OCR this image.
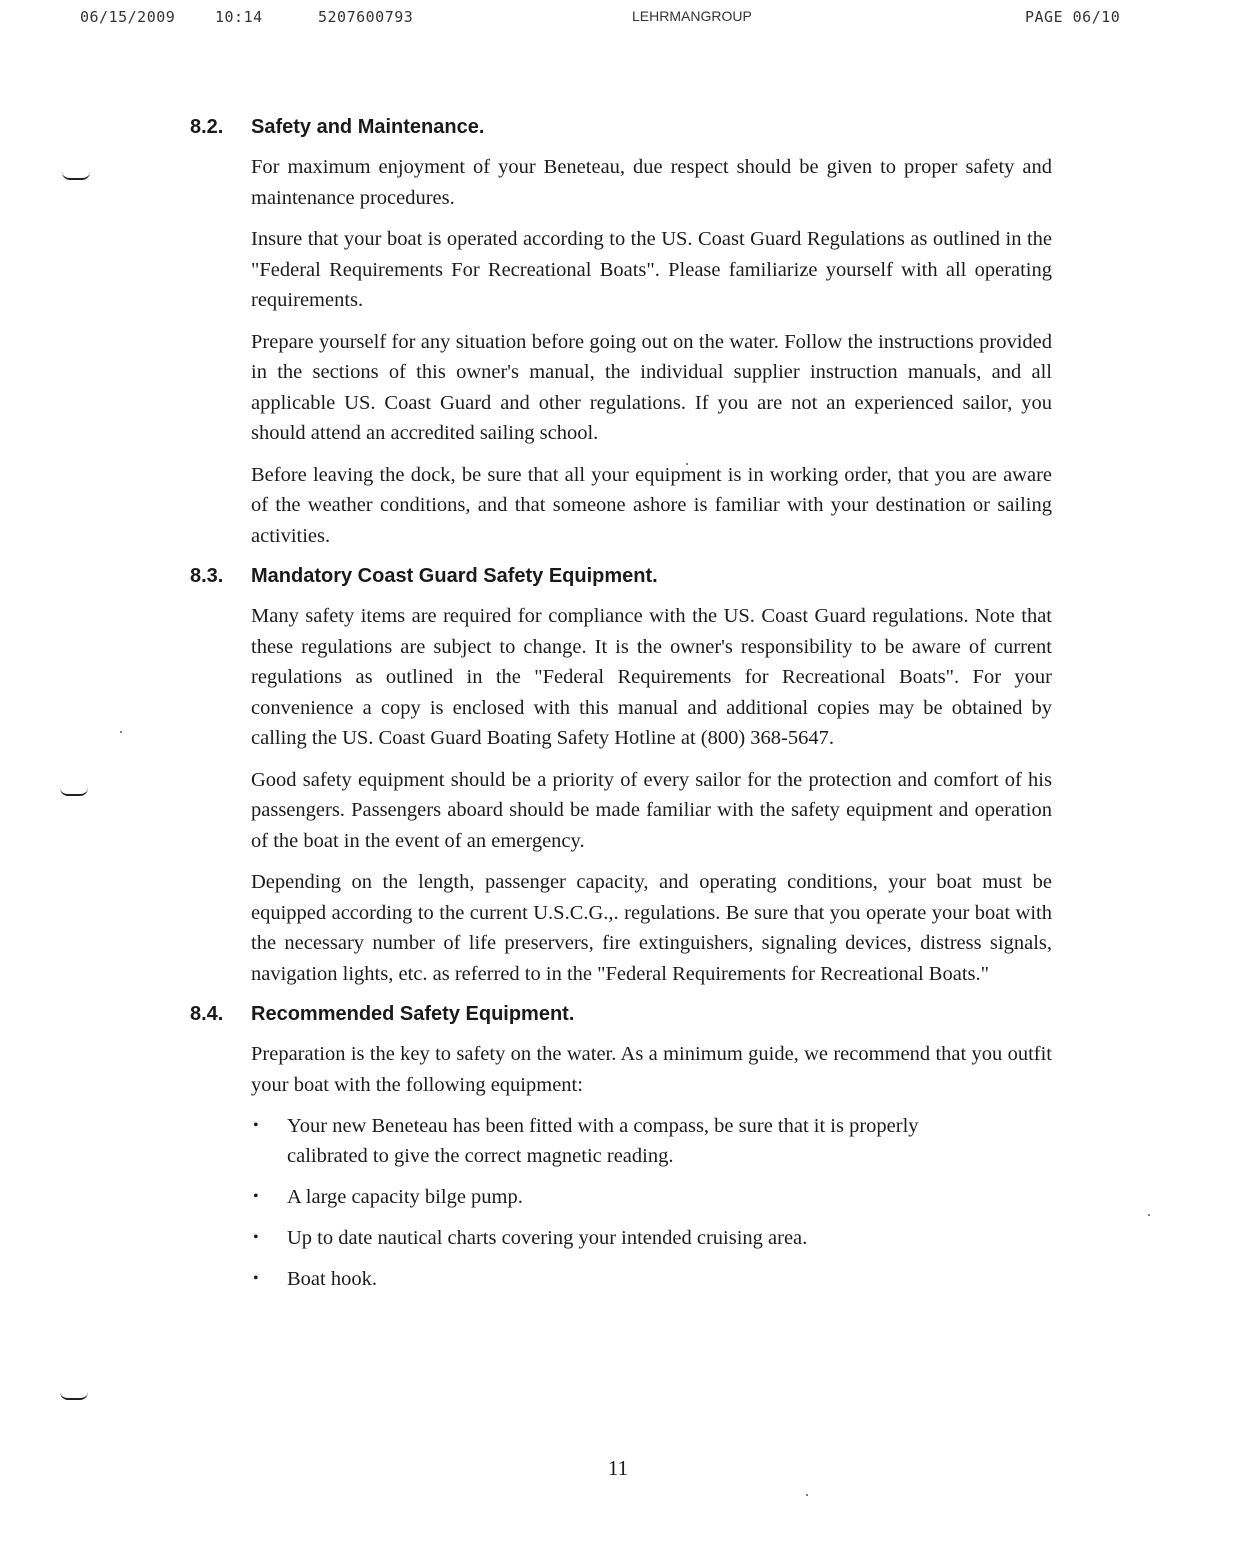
06/15/2009	10:14	5207600793	LEHRMANGROUP	PAGE 06/10
8.2.	Safety and Maintenance.

For maximum enjoyment of your Beneteau, due respect should be given to proper safety and maintenance procedures.

Insure that your boat is operated according to the US. Coast Guard Regulations as outlined in the "Federal Requirements For Recreational Boats". Please familiarize yourself with all operating requirements.

Prepare yourself for any situation before going out on the water. Follow the instructions provided in the sections of this owner's manual, the individual supplier instruction manuals, and all applicable US. Coast Guard and other regulations. If you are not an experienced sailor, you should attend an accredited sailing school.

Before leaving the dock, be sure that all your equipment is in working order, that you are aware of the weather conditions, and that someone ashore is familiar with your destination or sailing activities.

8.3.	Mandatory Coast Guard Safety Equipment.

Many safety items are required for compliance with the US. Coast Guard regulations. Note that these regulations are subject to change. It is the owner's responsibility to be aware of current regulations as outlined in the "Federal Requirements for Recreational Boats". For your convenience a copy is enclosed with this manual and additional copies may be obtained by calling the US. Coast Guard Boating Safety Hotline at (800) 368-5647.

Good safety equipment should be a priority of every sailor for the protection and comfort of his passengers. Passengers aboard should be made familiar with the safety equipment and operation of the boat in the event of an emergency.

Depending on the length, passenger capacity, and operating conditions, your boat must be equipped according to the current U.S.C.G.,. regulations. Be sure that you operate your boat with the necessary number of life preservers, fire extinguishers, signaling devices, distress signals, navigation lights, etc. as referred to in the "Federal Requirements for Recreational Boats."

8.4.	Recommended Safety Equipment.

Preparation is the key to safety on the water. As a minimum guide, we recommend that you outfit your boat with the following equipment:

•	Your new Beneteau has been fitted with a compass, be sure that it is properly calibrated to give the correct magnetic reading.
•	A large capacity bilge pump.
•	Up to date nautical charts covering your intended cruising area.
•	Boat hook.
11
